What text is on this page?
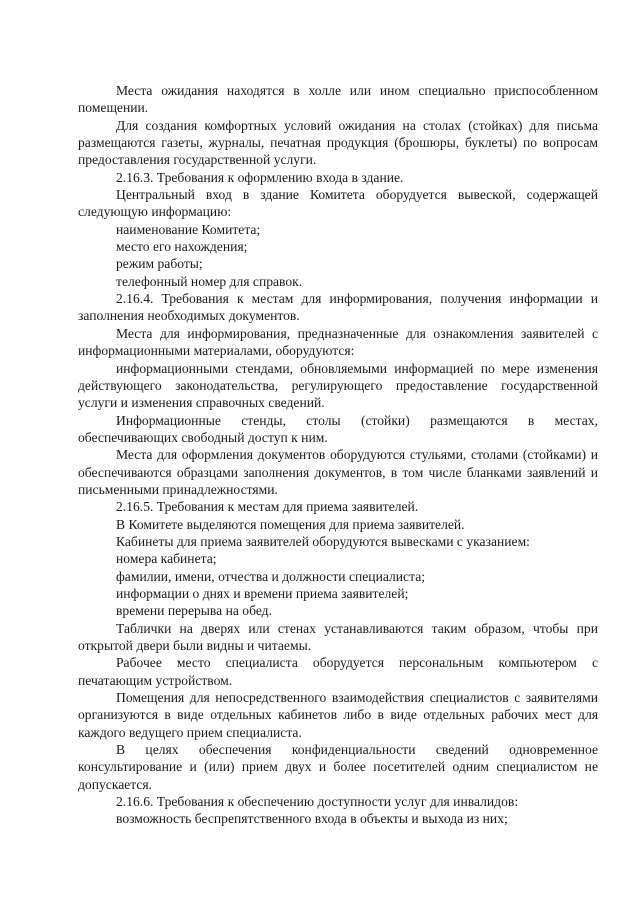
Места ожидания находятся в холле или ином специально приспособленном помещении.

Для создания комфортных условий ожидания на столах (стойках) для письма размещаются газеты, журналы, печатная продукция (брошюры, буклеты) по вопросам предоставления государственной услуги.

2.16.3. Требования к оформлению входа в здание.

Центральный вход в здание Комитета оборудуется вывеской, содержащей следующую информацию:

наименование Комитета;

место его нахождения;

режим работы;

телефонный номер для справок.

2.16.4. Требования к местам для информирования, получения информации и заполнения необходимых документов.

Места для информирования, предназначенные для ознакомления заявителей с информационными материалами, оборудуются:

информационными стендами, обновляемыми информацией по мере изменения действующего законодательства, регулирующего предоставление государственной услуги и изменения справочных сведений.

Информационные стенды, столы (стойки) размещаются в местах, обеспечивающих свободный доступ к ним.

Места для оформления документов оборудуются стульями, столами (стойками) и обеспечиваются образцами заполнения документов, в том числе бланками заявлений и письменными принадлежностями.

2.16.5. Требования к местам для приема заявителей.

В Комитете выделяются помещения для приема заявителей.

Кабинеты для приема заявителей оборудуются вывесками с указанием:

номера кабинета;

фамилии, имени, отчества и должности специалиста;

информации о днях и времени приема заявителей;

времени перерыва на обед.

Таблички на дверях или стенах устанавливаются таким образом, чтобы при открытой двери были видны и читаемы.

Рабочее место специалиста оборудуется персональным компьютером с печатающим устройством.

Помещения для непосредственного взаимодействия специалистов с заявителями организуются в виде отдельных кабинетов либо в виде отдельных рабочих мест для каждого ведущего прием специалиста.

В целях обеспечения конфиденциальности сведений одновременное консультирование и (или) прием двух и более посетителей одним специалистом не допускается.

2.16.6. Требования к обеспечению доступности услуг для инвалидов:

возможность беспрепятственного входа в объекты и выхода из них;
